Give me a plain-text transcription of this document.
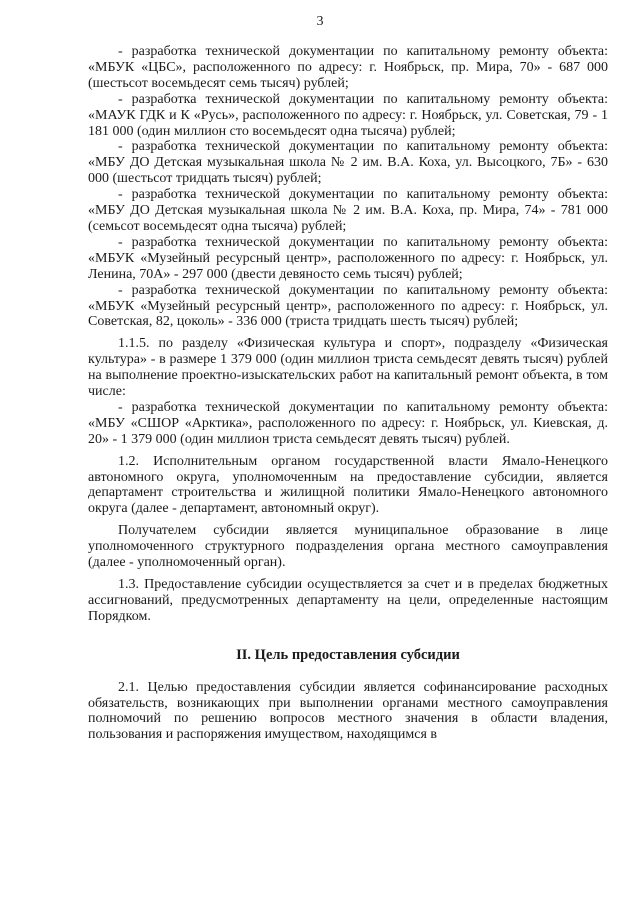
3

- разработка технической документации по капитальному ремонту объекта: «МБУК «ЦБС», расположенного по адресу: г. Ноябрьск, пр. Мира, 70» - 687 000 (шестьсот восемьдесят семь тысяч) рублей;

- разработка технической документации по капитальному ремонту объекта: «МАУК ГДК и К «Русь», расположенного по адресу: г. Ноябрьск, ул. Советская, 79 - 1 181 000 (один миллион сто восемьдесят одна тысяча) рублей;

- разработка технической документации по капитальному ремонту объекта: «МБУ ДО Детская музыкальная школа № 2 им. В.А. Коха, ул. Высоцкого, 7Б» - 630 000 (шестьсот тридцать тысяч) рублей;

- разработка технической документации по капитальному ремонту объекта: «МБУ ДО Детская музыкальная школа № 2 им. В.А. Коха, пр. Мира, 74» - 781 000 (семьсот восемьдесят одна тысяча) рублей;

- разработка технической документации по капитальному ремонту объекта: «МБУК «Музейный ресурсный центр», расположенного по адресу: г. Ноябрьск, ул. Ленина, 70А» - 297 000 (двести девяносто семь тысяч) рублей;

- разработка технической документации по капитальному ремонту объекта: «МБУК «Музейный ресурсный центр», расположенного по адресу: г. Ноябрьск, ул. Советская, 82, цоколь» - 336 000 (триста тридцать шесть тысяч) рублей;

1.1.5. по разделу «Физическая культура и спорт», подразделу «Физическая культура» - в размере 1 379 000 (один миллион триста семьдесят девять тысяч) рублей на выполнение проектно-изыскательских работ на капитальный ремонт объекта, в том числе:

- разработка технической документации по капитальному ремонту объекта: «МБУ «СШОР «Арктика», расположенного по адресу: г. Ноябрьск, ул. Киевская, д. 20» - 1 379 000 (один миллион триста семьдесят девять тысяч) рублей.

1.2. Исполнительным органом государственной власти Ямало-Ненецкого автономного округа, уполномоченным на предоставление субсидии, является департамент строительства и жилищной политики Ямало-Ненецкого автономного округа (далее - департамент, автономный округ).

Получателем субсидии является муниципальное образование в лице уполномоченного структурного подразделения органа местного самоуправления (далее - уполномоченный орган).

1.3. Предоставление субсидии осуществляется за счет и в пределах бюджетных ассигнований, предусмотренных департаменту на цели, определенные настоящим Порядком.

II. Цель предоставления субсидии

2.1. Целью предоставления субсидии является софинансирование расходных обязательств, возникающих при выполнении органами местного самоуправления полномочий по решению вопросов местного значения в области владения, пользования и распоряжения имуществом, находящимся в
